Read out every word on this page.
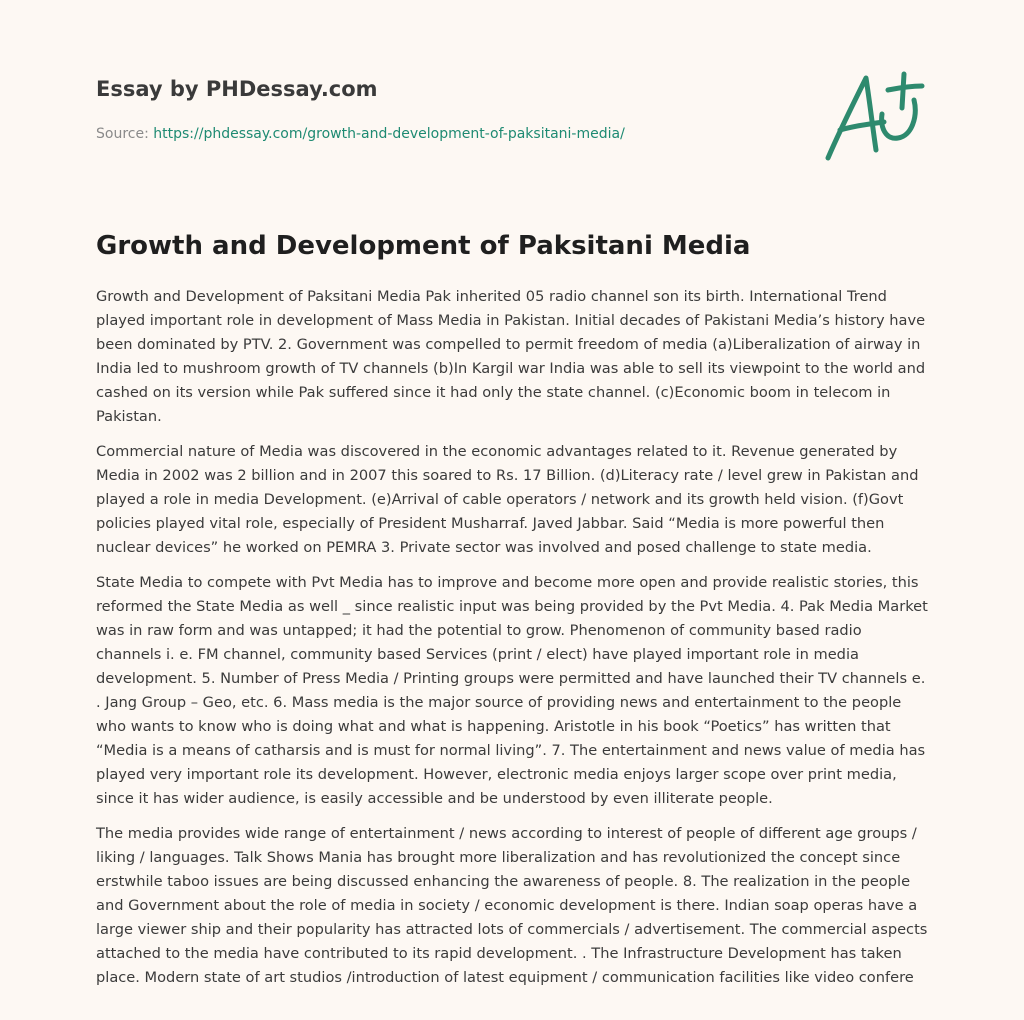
Essay by PHDessay.com
Source: https://phdessay.com/growth-and-development-of-paksitani-media/
Growth and Development of Paksitani Media

Growth and Development of Paksitani Media Pak inherited 05 radio channel son its birth. International Trend played important role in development of Mass Media in Pakistan. Initial decades of Pakistani Media’s history have been dominated by PTV. 2. Government was compelled to permit freedom of media (a)Liberalization of airway in India led to mushroom growth of TV channels (b)In Kargil war India was able to sell its viewpoint to the world and cashed on its version while Pak suffered since it had only the state channel. (c)Economic boom in telecom in Pakistan.

Commercial nature of Media was discovered in the economic advantages related to it. Revenue generated by Media in 2002 was 2 billion and in 2007 this soared to Rs. 17 Billion. (d)Literacy rate / level grew in Pakistan and played a role in media Development. (e)Arrival of cable operators / network and its growth held vision. (f)Govt policies played vital role, especially of President Musharraf. Javed Jabbar. Said “Media is more powerful then nuclear devices” he worked on PEMRA 3. Private sector was involved and posed challenge to state media.

State Media to compete with Pvt Media has to improve and become more open and provide realistic stories, this reformed the State Media as well _ since realistic input was being provided by the Pvt Media. 4. Pak Media Market was in raw form and was untapped; it had the potential to grow. Phenomenon of community based radio channels i. e. FM channel, community based Services (print / elect) have played important role in media development. 5. Number of Press Media / Printing groups were permitted and have launched their TV channels e. . Jang Group – Geo, etc. 6. Mass media is the major source of providing news and entertainment to the people who wants to know who is doing what and what is happening. Aristotle in his book “Poetics” has written that “Media is a means of catharsis and is must for normal living”. 7. The entertainment and news value of media has played very important role its development. However, electronic media enjoys larger scope over print media, since it has wider audience, is easily accessible and be understood by even illiterate people.

The media provides wide range of entertainment / news according to interest of people of different age groups / liking / languages. Talk Shows Mania has brought more liberalization and has revolutionized the concept since erstwhile taboo issues are being discussed enhancing the awareness of people. 8. The realization in the people and Government about the role of media in society / economic development is there. Indian soap operas have a large viewer ship and their popularity has attracted lots of commercials / advertisement. The commercial aspects attached to the media have contributed to its rapid development. . The Infrastructure Development has taken place. Modern state of art studios /introduction of latest equipment / communication facilities like video confere
